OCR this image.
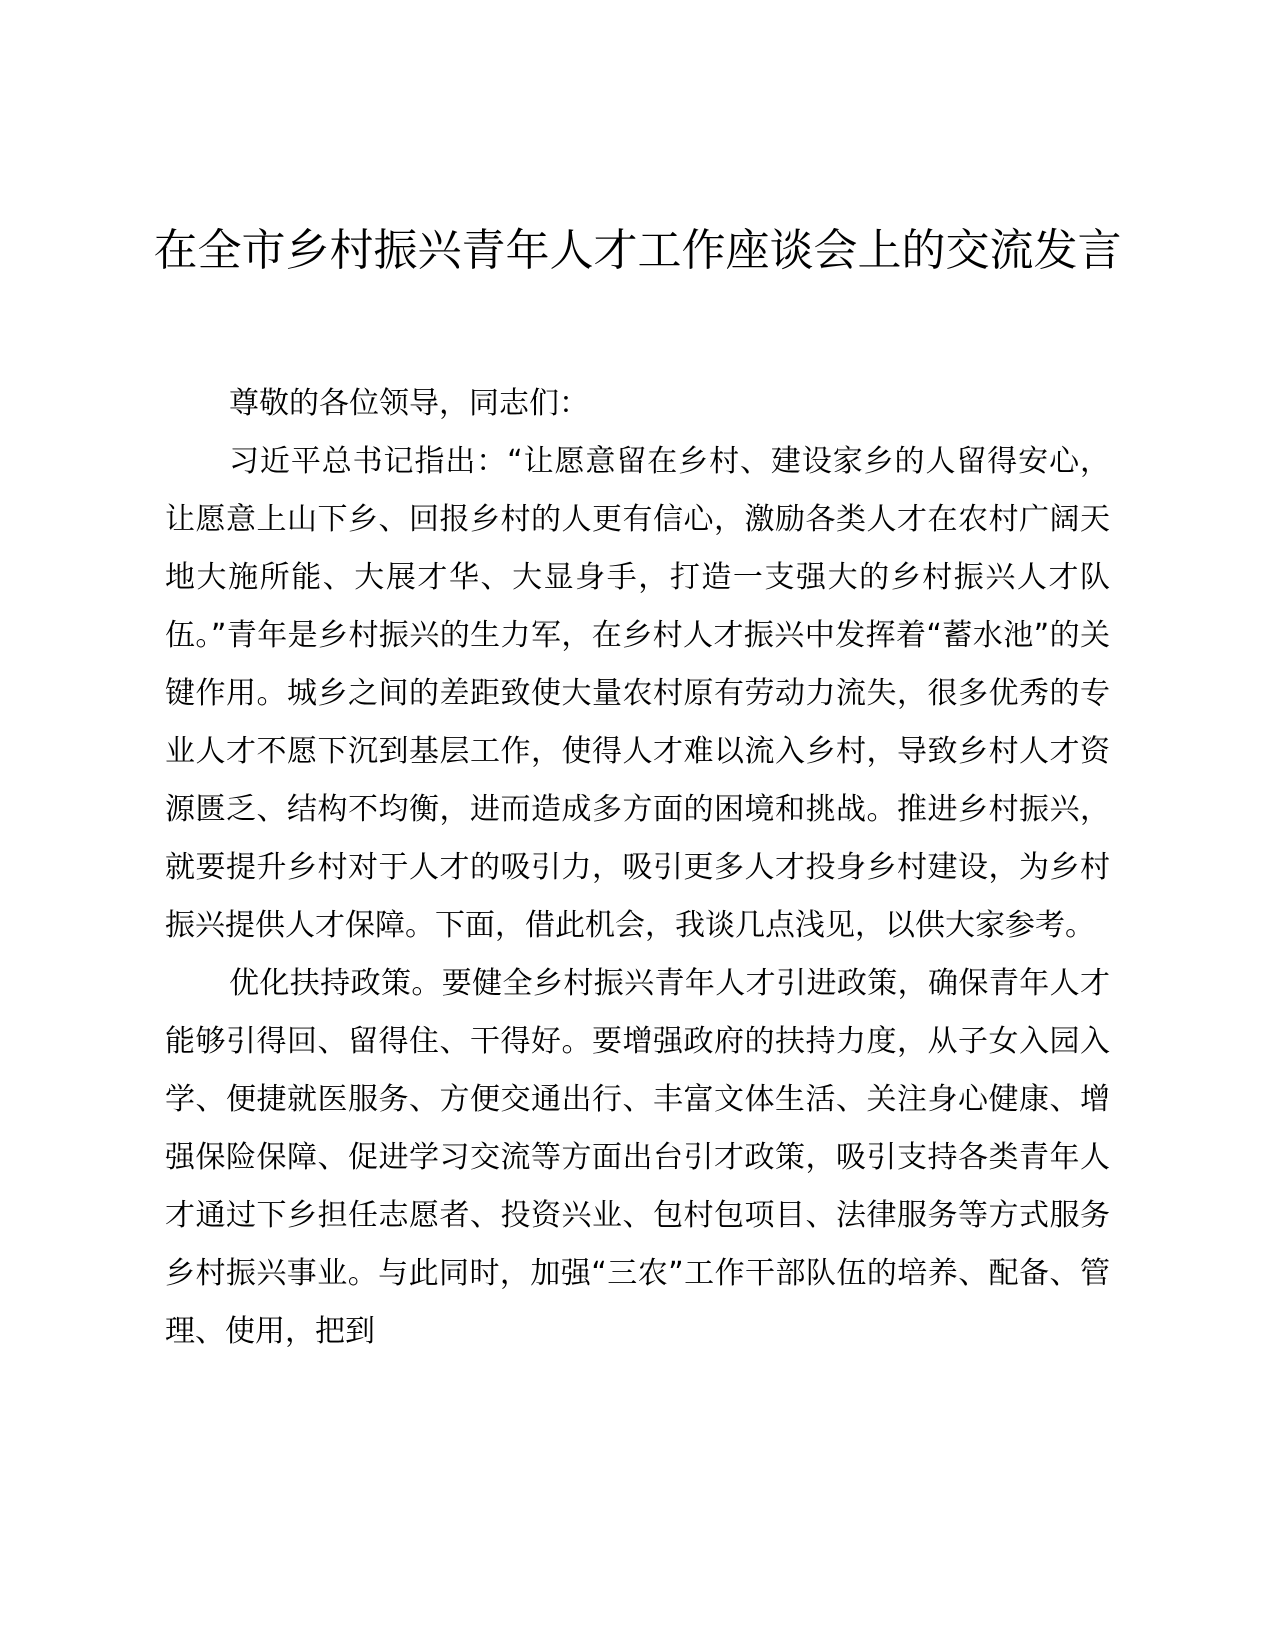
在全市乡村振兴青年人才工作座谈会上的交流发言

尊敬的各位领导，同志们：

习近平总书记指出：“让愿意留在乡村、建设家乡的人留得安心，让愿意上山下乡、回报乡村的人更有信心，激励各类人才在农村广阔天地大施所能、大展才华、大显身手，打造一支强大的乡村振兴人才队伍。”青年是乡村振兴的生力军，在乡村人才振兴中发挥着“蓄水池”的关键作用。城乡之间的差距致使大量农村原有劳动力流失，很多优秀的专业人才不愿下沉到基层工作，使得人才难以流入乡村，导致乡村人才资源匮乏、结构不均衡，进而造成多方面的困境和挑战。推进乡村振兴，就要提升乡村对于人才的吸引力，吸引更多人才投身乡村建设，为乡村振兴提供人才保障。下面，借此机会，我谈几点浅见，以供大家参考。

优化扶持政策。要健全乡村振兴青年人才引进政策，确保青年人才能够引得回、留得住、干得好。要增强政府的扶持力度，从子女入园入学、便捷就医服务、方便交通出行、丰富文体生活、关注身心健康、增强保险保障、促进学习交流等方面出台引才政策，吸引支持各类青年人才通过下乡担任志愿者、投资兴业、包村包项目、法律服务等方式服务乡村振兴事业。与此同时，加强“三农”工作干部队伍的培养、配备、管理、使用，把到
